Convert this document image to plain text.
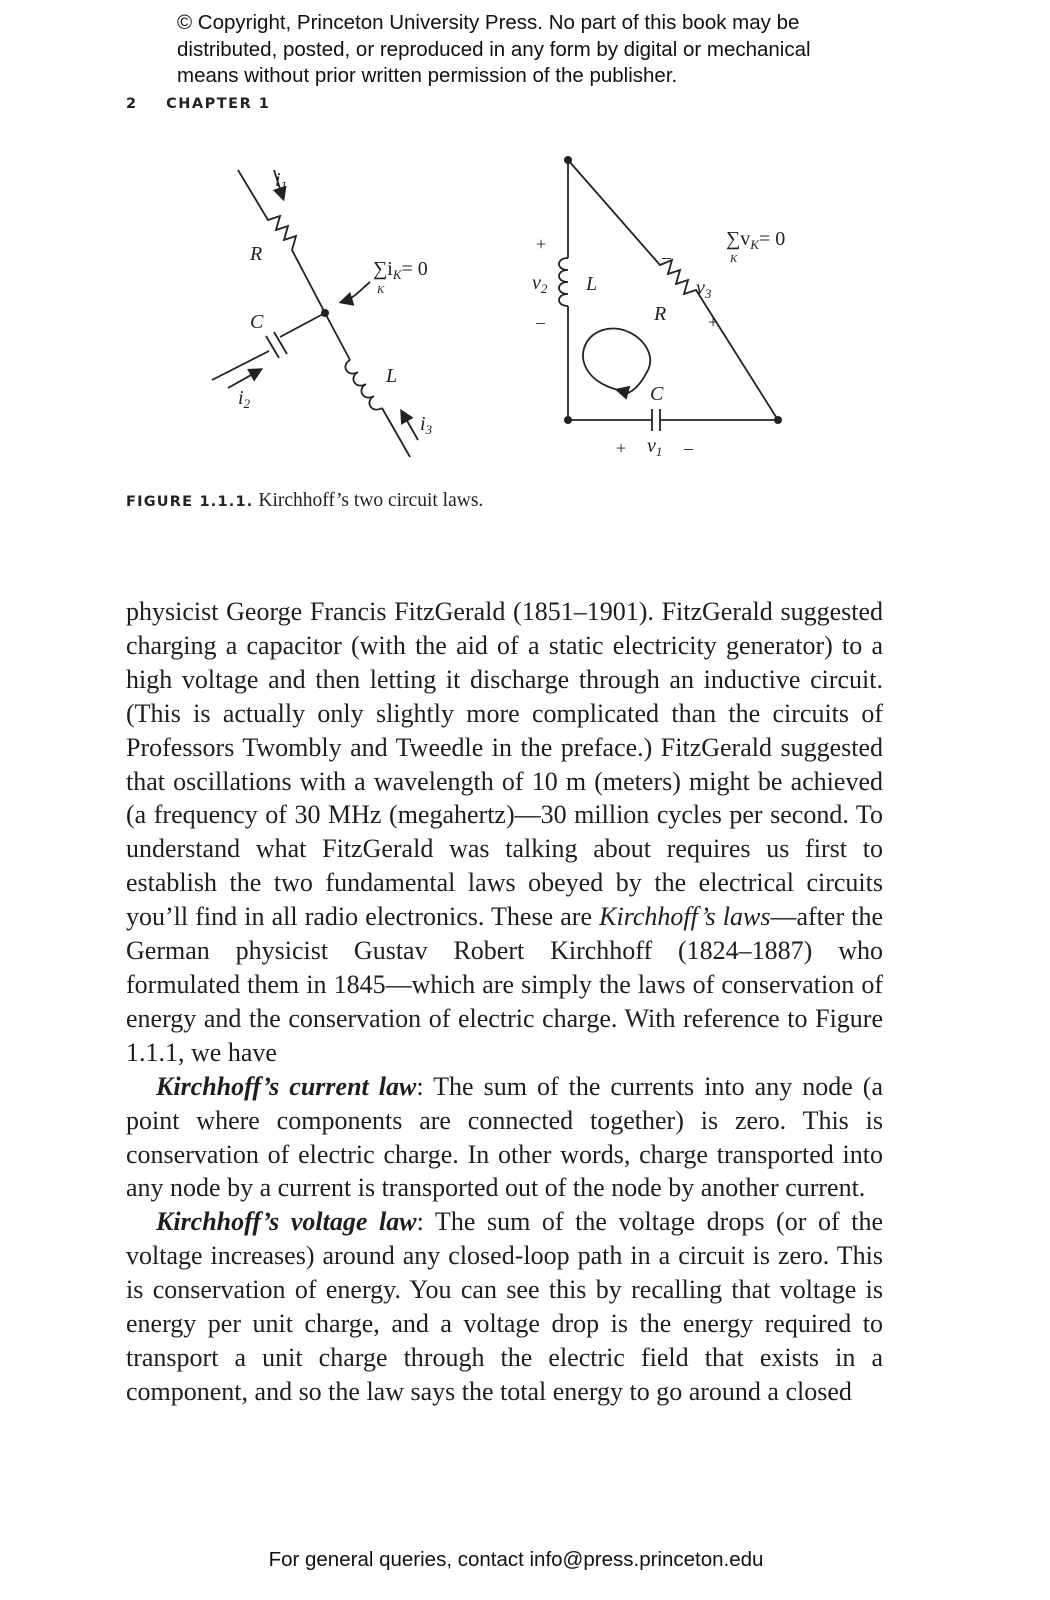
© Copyright, Princeton University Press. No part of this book may be distributed, posted, or reproduced in any form by digital or mechanical means without prior written permission of the publisher.
2 CHAPTER 1
$i_1$
R
C
L
$i_2$
$i_3$
$\sum i_K= 0$
K
+
–
$v_2$ L
–
$v_3$
R +
C
+ $v_1$ –
$\sum v_K= 0$
K
FIGURE 1.1.1. Kirchhoff’s two circuit laws.

physicist George Francis FitzGerald (1851–1901). FitzGerald suggested charging a capacitor (with the aid of a static electricity generator) to a high voltage and then letting it discharge through an inductive circuit. (This is actually only slightly more complicated than the circuits of Professors Twombly and Tweedle in the preface.) FitzGerald suggested that oscillations with a wavelength of 10 m (meters) might be achieved (a frequency of 30 MHz (megahertz)—30 million cycles per second. To understand what FitzGerald was talking about requires us first to establish the two fundamental laws obeyed by the electrical circuits you’ll find in all radio electronics. These are Kirchhoff’s laws—after the German physicist Gustav Robert Kirchhoff (1824–1887) who formulated them in 1845—which are simply the laws of conservation of energy and the conservation of electric charge. With reference to Figure 1.1.1, we have

Kirchhoff’s current law: The sum of the currents into any node (a point where components are connected together) is zero. This is conservation of electric charge. In other words, charge transported into any node by a current is transported out of the node by another current.

Kirchhoff’s voltage law: The sum of the voltage drops (or of the voltage increases) around any closed-loop path in a circuit is zero. This is conservation of energy. You can see this by recalling that voltage is energy per unit charge, and a voltage drop is the energy required to transport a unit charge through the electric field that exists in a component, and so the law says the total energy to go around a closed

For general queries, contact info@press.princeton.edu
